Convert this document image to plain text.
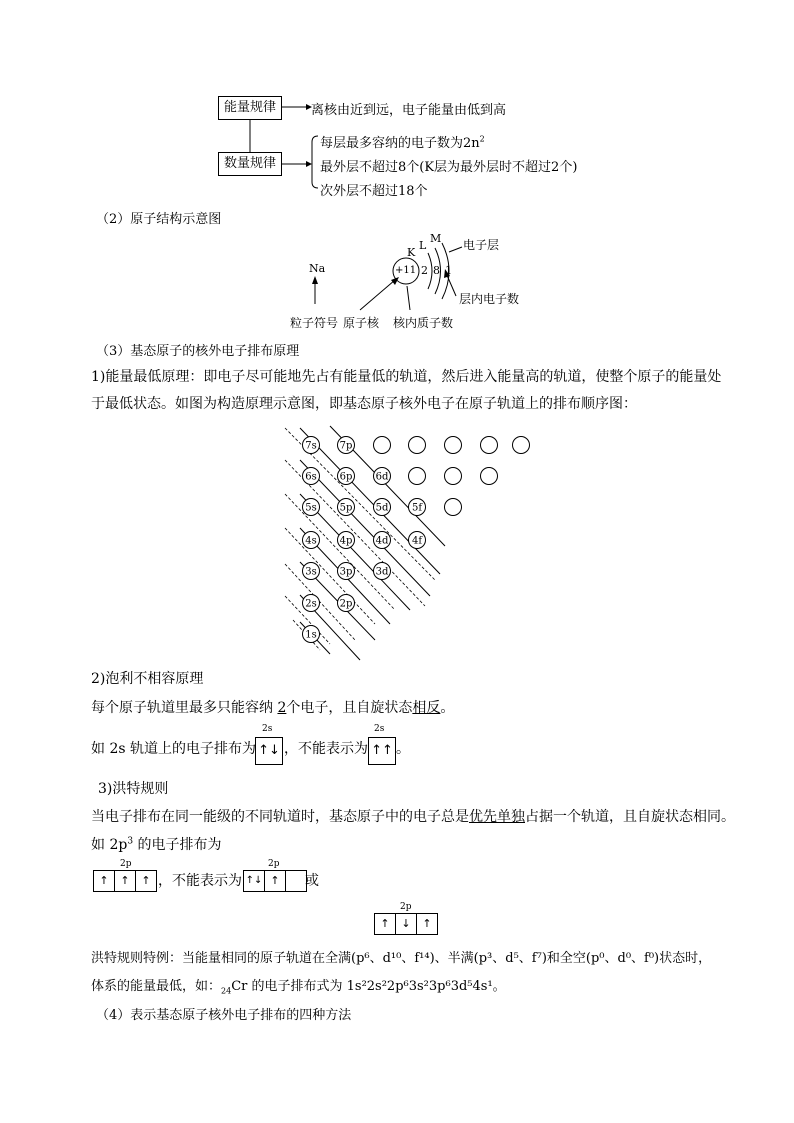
能量规律
数量规律
离核由近到远，电子能量由低到高
每层最多容纳的电子数为$2n^2$
最外层不超过8个(K层为最外层时不超过2个)
次外层不超过18个
（2）原子结构示意图
Na	+11 2 8 1
K
L
M 电子层
层内电子数
粒子符号 原子核 核内质子数
（3）基态原子的核外电子排布原理
1)能量最低原理：即电子尽可能地先占有能量低的轨道，然后进入能量高的轨道，使整个原子的能量处
于最低状态。如图为构造原理示意图，即基态原子核外电子在原子轨道上的排布顺序图：
7s 7p
6s 6p 6d
5s 5p 5d 5f
4s 4p 4d 4f
3s 3p 3d
2s 2p
1s
2)泡利不相容原理
每个原子轨道里最多只能容纳 2个电子，且自旋状态相反。
如 2s 轨道上的电子排布为
2s
↑↓ ，不能表示为
2s
↑↑ 。
3)洪特规则
当电子排布在同一能级的不同轨道时，基态原子中的电子总是优先单独占据一个轨道，且自旋状态相同。
如 $2p^3$ 的电子排布为
2p
↑	↑	↑ ，不能表示为
2p
↑↓ ↑	或
2p
↑	↓	↑
洪特规则特例：当能量相同的原子轨道在全满(p⁶、d¹⁰、f¹⁴)、半满(p³、d⁵、f⁷)和全空(p⁰、d⁰、f⁰)状态时，
体系的能量最低，如：$_{24}$Cr 的电子排布式为 1s²2s²2p⁶3s²3p⁶3d⁵4s¹。
（4）表示基态原子核外电子排布的四种方法
